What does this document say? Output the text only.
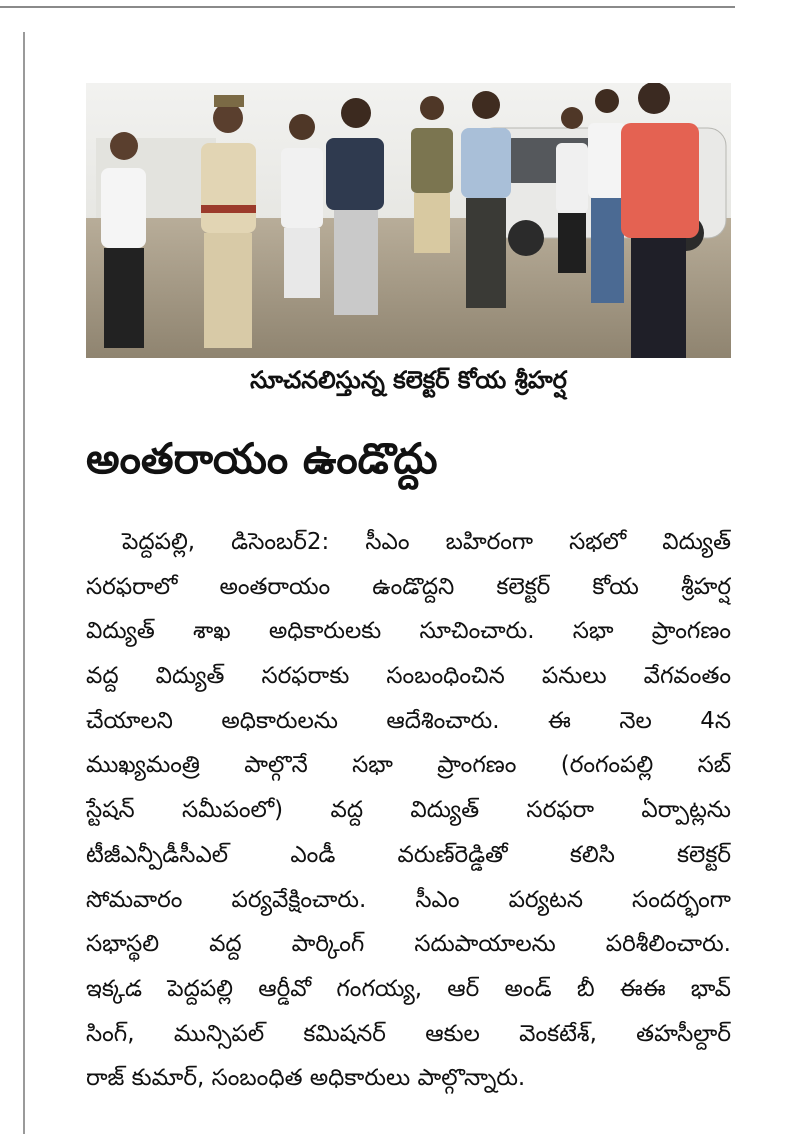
సూచనలిస్తున్న కలెక్టర్ కోయ శ్రీహర్ష
అంతరాయం ఉండొద్దు
పెద్దపల్లి, డిసెంబర్2: సీఎం బహిరంగా సభలో విద్యుత్
సరఫరాలో అంతరాయం ఉండొద్దని కలెక్టర్ కోయ శ్రీహర్ష
విద్యుత్ శాఖ అధికారులకు సూచించారు. సభా ప్రాంగణం
వద్ద విద్యుత్ సరఫరాకు సంబంధించిన పనులు వేగవంతం
చేయాలని అధికారులను ఆదేశించారు. ఈ నెల 4న
ముఖ్యమంత్రి పాల్గొనే సభా ప్రాంగణం (రంగంపల్లి సబ్
స్టేషన్ సమీపంలో) వద్ద విద్యుత్ సరఫరా ఏర్పాట్లను
టీజీఎన్పీడీసీఎల్ ఎండీ వరుణ్‌రెడ్డితో కలిసి కలెక్టర్
సోమవారం పర్యవేక్షించారు. సీఎం పర్యటన సందర్భంగా
సభాస్థలి వద్ద పార్కింగ్ సదుపాయాలను పరిశీలించారు.
ఇక్కడ పెద్దపల్లి ఆర్డీవో గంగయ్య, ఆర్ అండ్ బీ ఈఈ భావ్
సింగ్, మున్సిపల్ కమిషనర్ ఆకుల వెంకటేశ్, తహసీల్దార్
రాజ్ కుమార్, సంబంధిత అధికారులు పాల్గొన్నారు.
